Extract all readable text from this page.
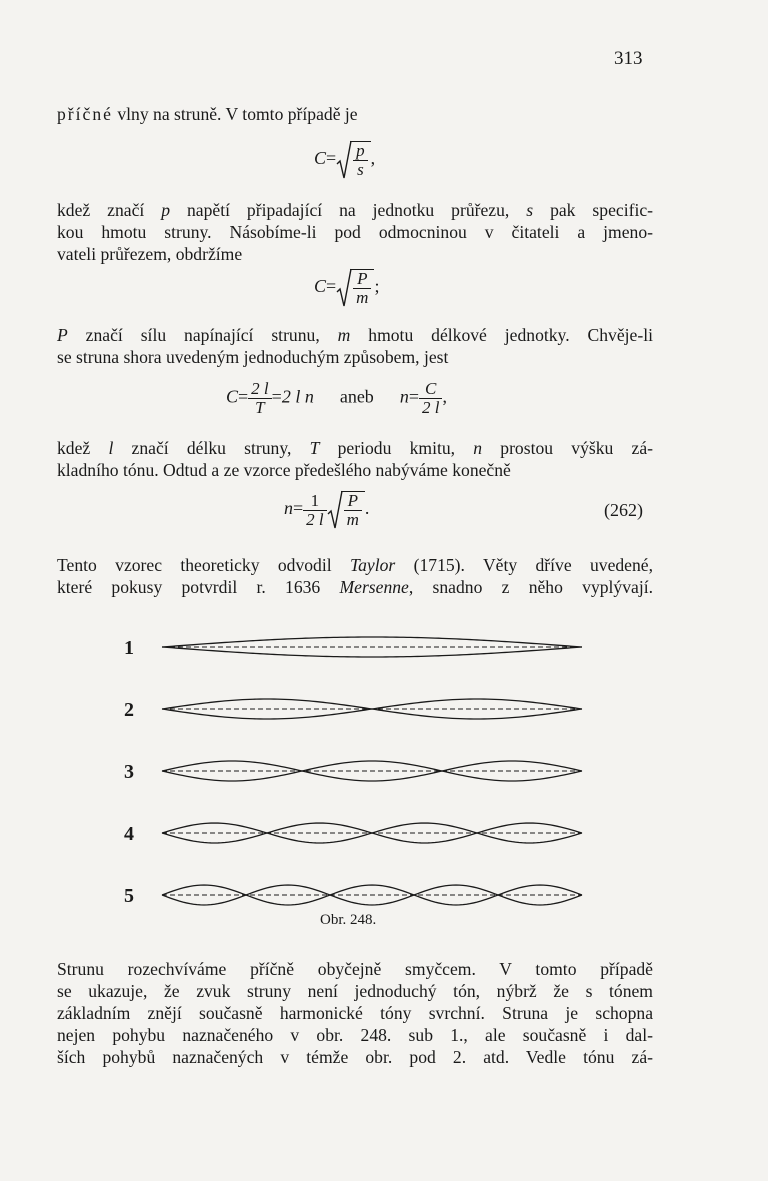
313
příčné vlny na struně. V tomto případě je
$C= \frac{p}{s}$ ,
kdež značí p napětí připadající na jednotku průřezu, s pak specific-
kou hmotu struny. Násobíme-li pod odmocninou v čitateli a jmeno-
vateli průřezem, obdržíme
$C= \frac{P}{m}$ ;
P značí sílu napínající strunu, m hmotu délkové jednotky. Chvěje-li
se struna shora uvedeným jednoduchým způsobem, jest
$C= \frac{2 l}{T} =2$ l n aneb $n= \frac{C}{2 l}$ ,
kdež l značí délku struny, T periodu kmitu, n prostou výšku zá-
kladního tónu. Odtud a ze vzorce předešlého nabýváme konečně
$n= \frac{1}{2 l} \frac{P}{m}$ .	(262)
Tento vzorec theoreticky odvodil Taylor (1715). Věty dříve uvedené,
které pokusy potvrdil r. 1636 Mersenne, snadno z něho vyplývají.
1
2
3
4
5
Obr. 248.
Strunu rozechvíváme příčně obyčejně smyčcem. V tomto případě
se ukazuje, že zvuk struny není jednoduchý tón, nýbrž že s tónem
základním znějí současně harmonické tóny svrchní. Struna je schopna
nejen pohybu naznačeného v obr. 248. sub 1., ale současně i dal-
ších pohybů naznačených v témže obr. pod 2. atd. Vedle tónu zá-
